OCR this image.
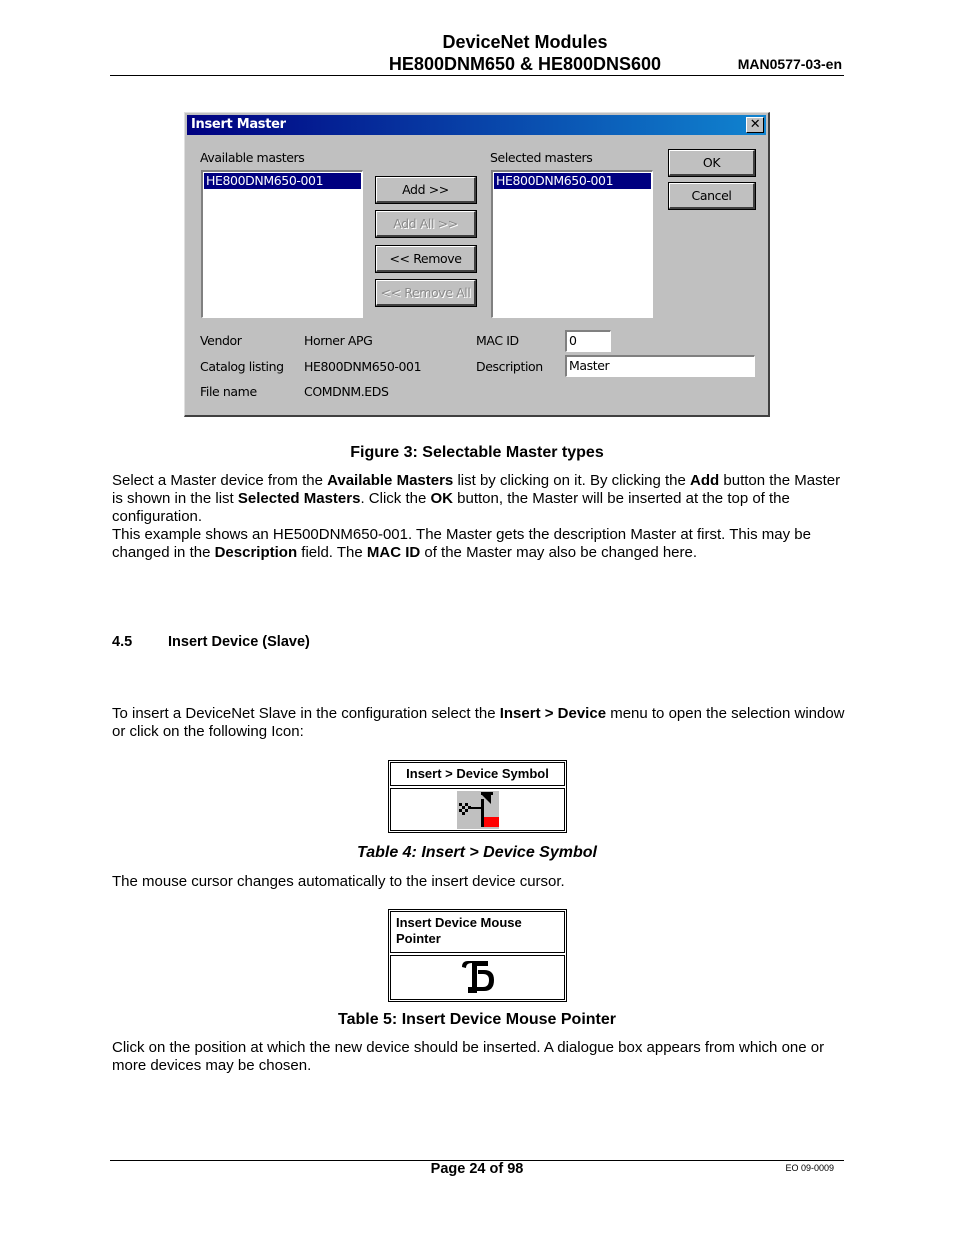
DeviceNet Modules
HE800DNM650 & HE800DNS600	MAN0577-03-en
Insert Master	✕
Available masters
HE800DNM650-001
Add >>
Add All >>
<< Remove
<< Remove All
Selected masters
HE800DNM650-001
OK
Cancel
Vendor	Horner APG
Catalog listing HE800DNM650-001
File name	COMDNM.EDS
MAC ID	0
Description	Master
Figure 3: Selectable Master types

Select a Master device from the Available Masters list by clicking on it. By clicking the Add button the Master is shown in the list Selected Masters. Click the OK button, the Master will be inserted at the top of the configuration.

This example shows an HE500DNM650-001. The Master gets the description Master at first. This may be changed in the Description field. The MAC ID of the Master may also be changed here.

4.5 Insert Device (Slave)

To insert a DeviceNet Slave in the configuration select the Insert > Device menu to open the selection window or click on the following Icon:

Insert > Device Symbol
Table 4: Insert > Device Symbol

The mouse cursor changes automatically to the insert device cursor.

Insert Device Mouse Pointer
Table 5: Insert Device Mouse Pointer

Click on the position at which the new device should be inserted. A dialogue box appears from which one or more devices may be chosen.

Page 24 of 98	EO 09-0009
